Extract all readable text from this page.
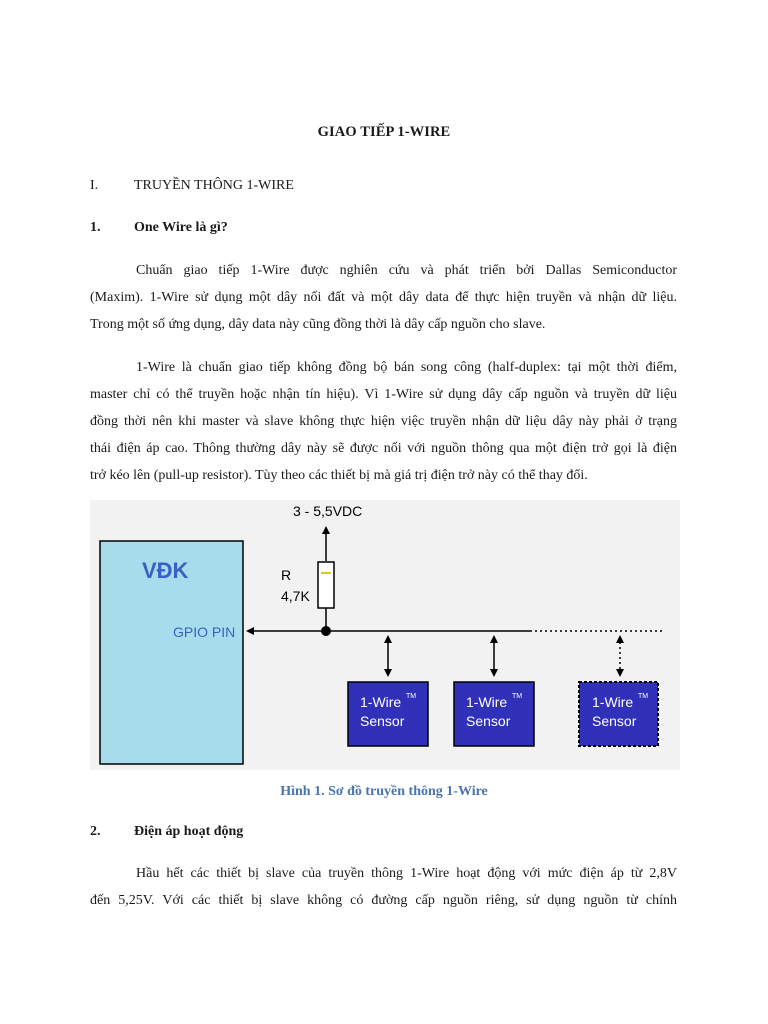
GIAO TIẾP 1-WIRE
I.	TRUYỀN THÔNG 1-WIRE
1. One Wire là gì?
Chuẩn giao tiếp 1-Wire được nghiên cứu và phát triển bởi Dallas Semiconductor
(Maxim). 1-Wire sử dụng một dây nối đất và một dây data để thực hiện truyền và nhận dữ liệu.
Trong một số ứng dụng, dây data này cũng đồng thời là dây cấp nguồn cho slave.
1-Wire là chuẩn giao tiếp không đồng bộ bán song công (half-duplex: tại một thời điểm,
master chỉ có thể truyền hoặc nhận tín hiệu). Vì 1-Wire sử dụng dây cấp nguồn và truyền dữ liệu
đồng thời nên khi master và slave không thực hiện việc truyền nhận dữ liệu dây này phải ở trạng
thái điện áp cao. Thông thường dây này sẽ được nối với nguồn thông qua một điện trở gọi là điện
trở kéo lên (pull-up resistor). Tùy theo các thiết bị mà giá trị điện trở này có thể thay đổi.
VĐK
GPIO PIN
3 - 5,5VDC
R
4,7K
1-Wire TM
Sensor
1-Wire TM
Sensor
1-Wire TM
Sensor
Hình 1. Sơ đồ truyền thông 1-Wire
2. Điện áp hoạt động
Hầu hết các thiết bị slave của truyền thông 1-Wire hoạt động với mức điện áp từ 2,8V
đến 5,25V. Với các thiết bị slave không có đường cấp nguồn riêng, sử dụng nguồn từ chính
